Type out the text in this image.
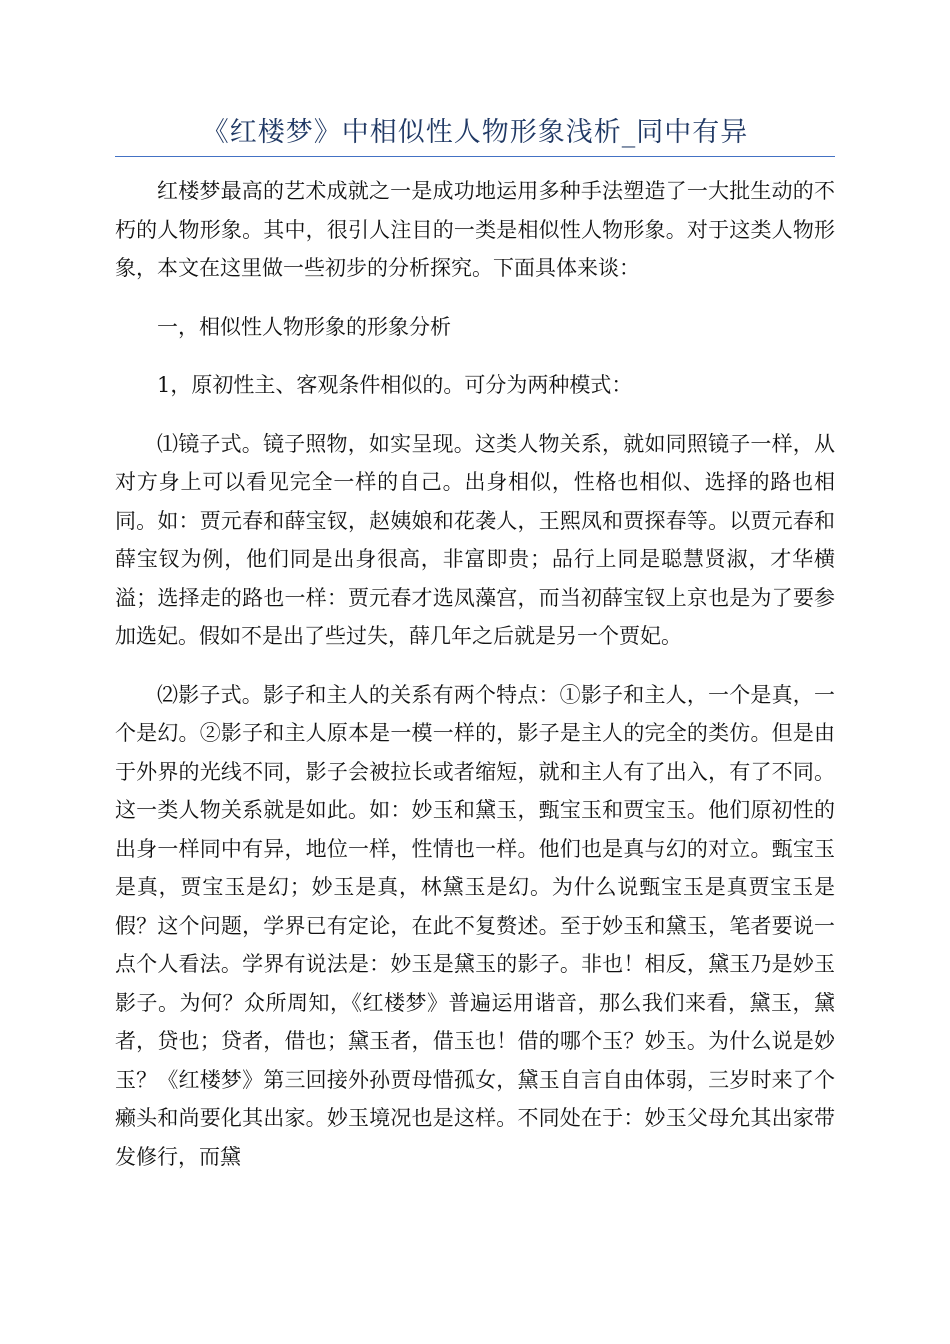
《红楼梦》中相似性人物形象浅析_同中有异

红楼梦最高的艺术成就之一是成功地运用多种手法塑造了一大批生动的不朽的人物形象。其中，很引人注目的一类是相似性人物形象。对于这类人物形象，本文在这里做一些初步的分析探究。下面具体来谈：

一，相似性人物形象的形象分析

1，原初性主、客观条件相似的。可分为两种模式：

⑴镜子式。镜子照物，如实呈现。这类人物关系，就如同照镜子一样，从对方身上可以看见完全一样的自己。出身相似，性格也相似、选择的路也相同。如：贾元春和薛宝钗，赵姨娘和花袭人，王熙凤和贾探春等。以贾元春和薛宝钗为例，他们同是出身很高，非富即贵；品行上同是聪慧贤淑，才华横溢；选择走的路也一样：贾元春才选凤藻宫，而当初薛宝钗上京也是为了要参加选妃。假如不是出了些过失，薛几年之后就是另一个贾妃。

⑵影子式。影子和主人的关系有两个特点：①影子和主人，一个是真，一个是幻。②影子和主人原本是一模一样的，影子是主人的完全的类仿。但是由于外界的光线不同，影子会被拉长或者缩短，就和主人有了出入，有了不同。这一类人物关系就是如此。如：妙玉和黛玉，甄宝玉和贾宝玉。他们原初性的出身一样同中有异，地位一样，性情也一样。他们也是真与幻的对立。甄宝玉是真，贾宝玉是幻；妙玉是真，林黛玉是幻。为什么说甄宝玉是真贾宝玉是假？这个问题，学界已有定论，在此不复赘述。至于妙玉和黛玉，笔者要说一点个人看法。学界有说法是：妙玉是黛玉的影子。非也！相反，黛玉乃是妙玉影子。为何？众所周知，《红楼梦》普遍运用谐音，那么我们来看，黛玉，黛者，贷也；贷者，借也；黛玉者，借玉也！借的哪个玉？妙玉。为什么说是妙玉？《红楼梦》第三回接外孙贾母惜孤女，黛玉自言自由体弱，三岁时来了个癞头和尚要化其出家。妙玉境况也是这样。不同处在于：妙玉父母允其出家带发修行，而黛
